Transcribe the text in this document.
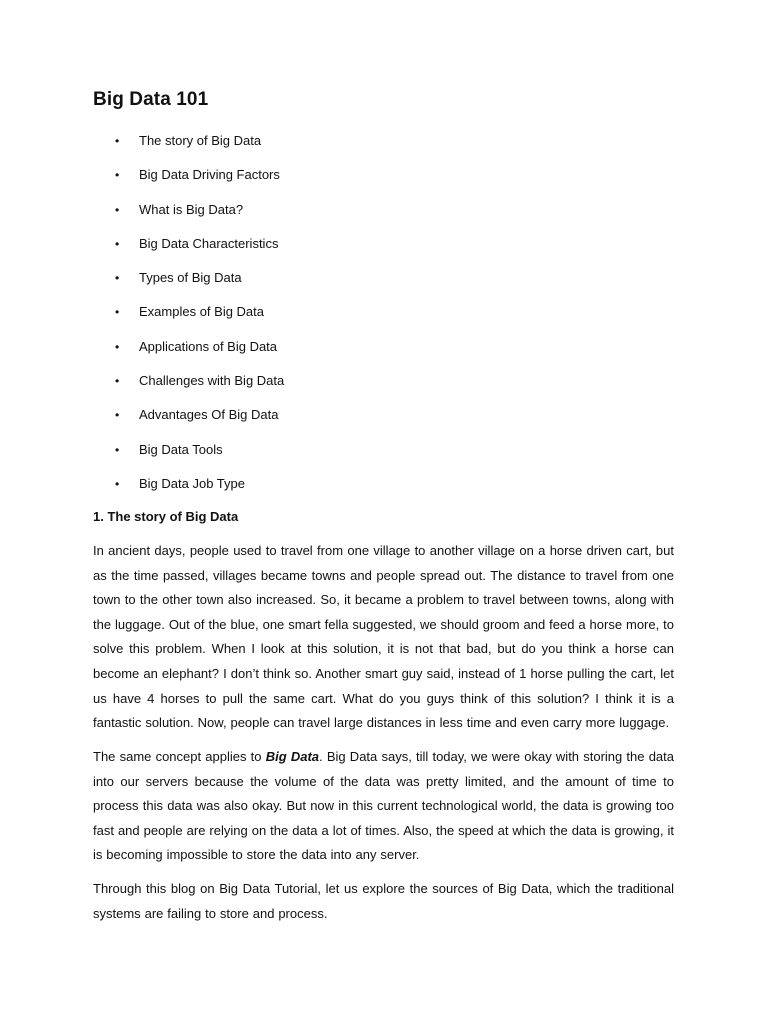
Big Data 101
• The story of Big Data
• Big Data Driving Factors
• What is Big Data?
• Big Data Characteristics
• Types of Big Data
• Examples of Big Data
• Applications of Big Data
• Challenges with Big Data
• Advantages Of Big Data
• Big Data Tools
• Big Data Job Type
1. The story of Big Data

In ancient days, people used to travel from one village to another village on a horse driven cart, but as the time passed, villages became towns and people spread out. The distance to travel from one town to the other town also increased. So, it became a problem to travel between towns, along with the luggage. Out of the blue, one smart fella suggested, we should groom and feed a horse more, to solve this problem. When I look at this solution, it is not that bad, but do you think a horse can become an elephant? I don’t think so. Another smart guy said, instead of 1 horse pulling the cart, let us have 4 horses to pull the same cart. What do you guys think of this solution? I think it is a fantastic solution. Now, people can travel large distances in less time and even carry more luggage.

The same concept applies to Big Data. Big Data says, till today, we were okay with storing the data into our servers because the volume of the data was pretty limited, and the amount of time to process this data was also okay. But now in this current technological world, the data is growing too fast and people are relying on the data a lot of times. Also, the speed at which the data is growing, it is becoming impossible to store the data into any server.

Through this blog on Big Data Tutorial, let us explore the sources of Big Data, which the traditional systems are failing to store and process.
